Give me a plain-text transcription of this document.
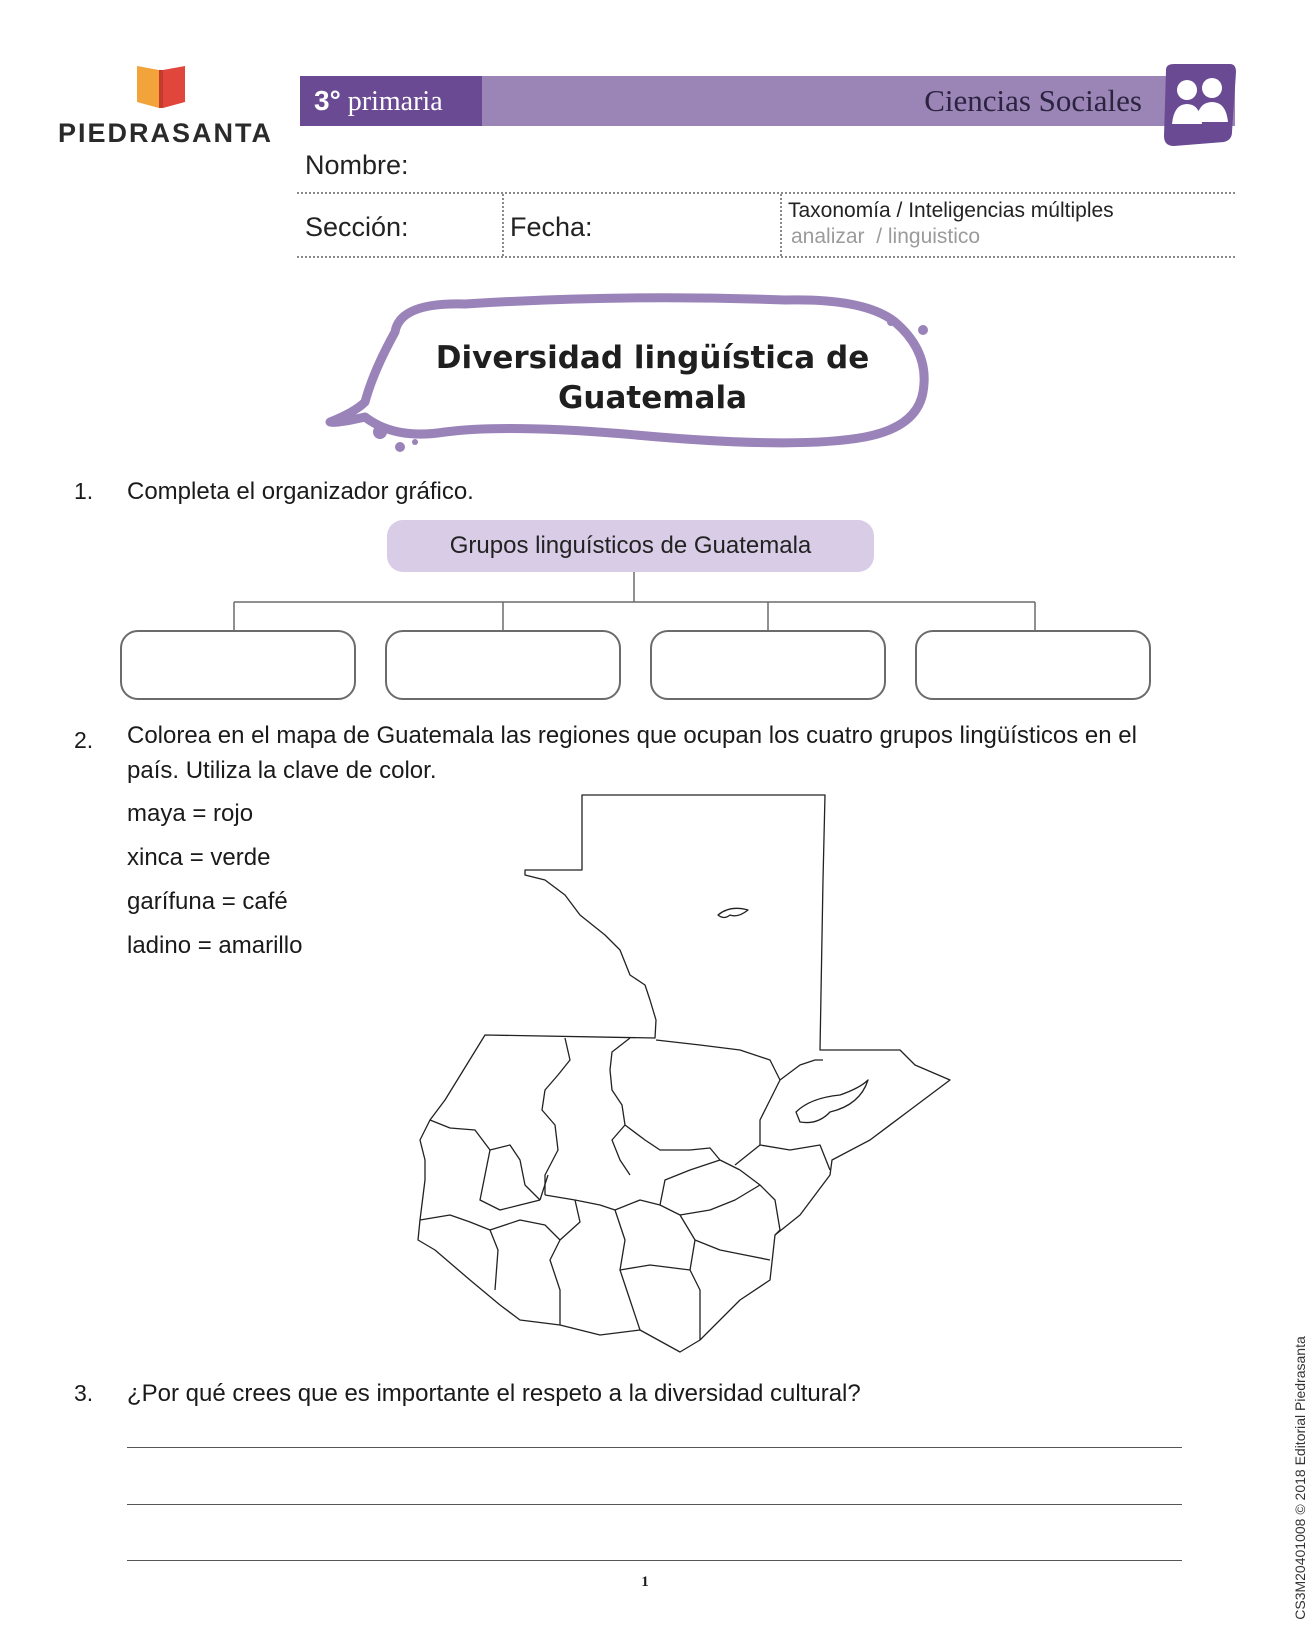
PIEDRASANTA
3° primaria	Ciencias Sociales
Nombre:
Sección:	Fecha:
Taxonomía / Inteligencias múltiples
analizar  / linguistico
Diversidad lingüística de
Guatemala
1. Completa el organizador gráfico.
Grupos linguísticos de Guatemala
2. Colorea en el mapa de Guatemala las regiones que ocupan los cuatro grupos lingüísticos en el país. Utiliza la clave de color.
maya = rojo
xinca = verde
garífuna = café
ladino = amarillo
3. ¿Por qué crees que es importante el respeto a la diversidad cultural?
1	CS3M20401008 © 2018 Editorial Piedrasanta
